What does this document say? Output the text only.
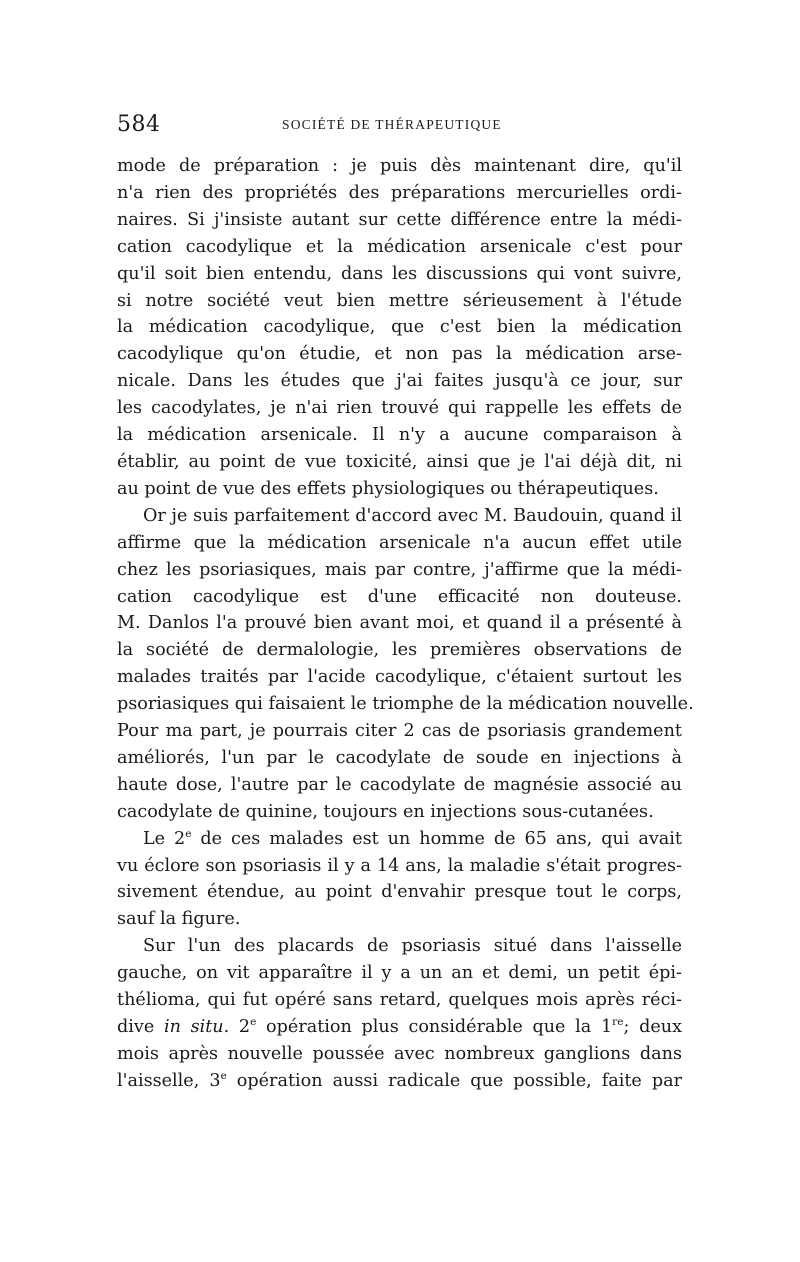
584	SOCIÉTÉ DE THÉRAPEUTIQUE

mode de préparation : je puis dès maintenant dire, qu'il
n'a rien des propriétés des préparations mercurielles ordi-
naires. Si j'insiste autant sur cette différence entre la médi-
cation cacodylique et la médication arsenicale c'est pour
qu'il soit bien entendu, dans les discussions qui vont suivre,
si notre société veut bien mettre sérieusement à l'étude
la médication cacodylique, que c'est bien la médication
cacodylique qu'on étudie, et non pas la médication arse-
nicale. Dans les études que j'ai faites jusqu'à ce jour, sur
les cacodylates, je n'ai rien trouvé qui rappelle les effets de
la médication arsenicale. Il n'y a aucune comparaison à
établir, au point de vue toxicité, ainsi que je l'ai déjà dit, ni
au point de vue des effets physiologiques ou thérapeutiques.

Or je suis parfaitement d'accord avec M. Baudouin, quand il
affirme que la médication arsenicale n'a aucun effet utile
chez les psoriasiques, mais par contre, j'affirme que la médi-
cation cacodylique est d'une efficacité non douteuse.
M. Danlos l'a prouvé bien avant moi, et quand il a présenté à
la société de dermalologie, les premières observations de
malades traités par l'acide cacodylique, c'étaient surtout les
psoriasiques qui faisaient le triomphe de la médication nouvelle.
Pour ma part, je pourrais citer 2 cas de psoriasis grandement
améliorés, l'un par le cacodylate de soude en injections à
haute dose, l'autre par le cacodylate de magnésie associé au
cacodylate de quinine, toujours en injections sous-cutanées.

Le 2e de ces malades est un homme de 65 ans, qui avait
vu éclore son psoriasis il y a 14 ans, la maladie s'était progres-
sivement étendue, au point d'envahir presque tout le corps,
sauf la figure.

Sur l'un des placards de psoriasis situé dans l'aisselle
gauche, on vit apparaître il y a un an et demi, un petit épi-
thélioma, qui fut opéré sans retard, quelques mois après réci-
dive in situ. 2e opération plus considérable que la 1re; deux
mois après nouvelle poussée avec nombreux ganglions dans
l'aisselle, 3e opération aussi radicale que possible, faite par
